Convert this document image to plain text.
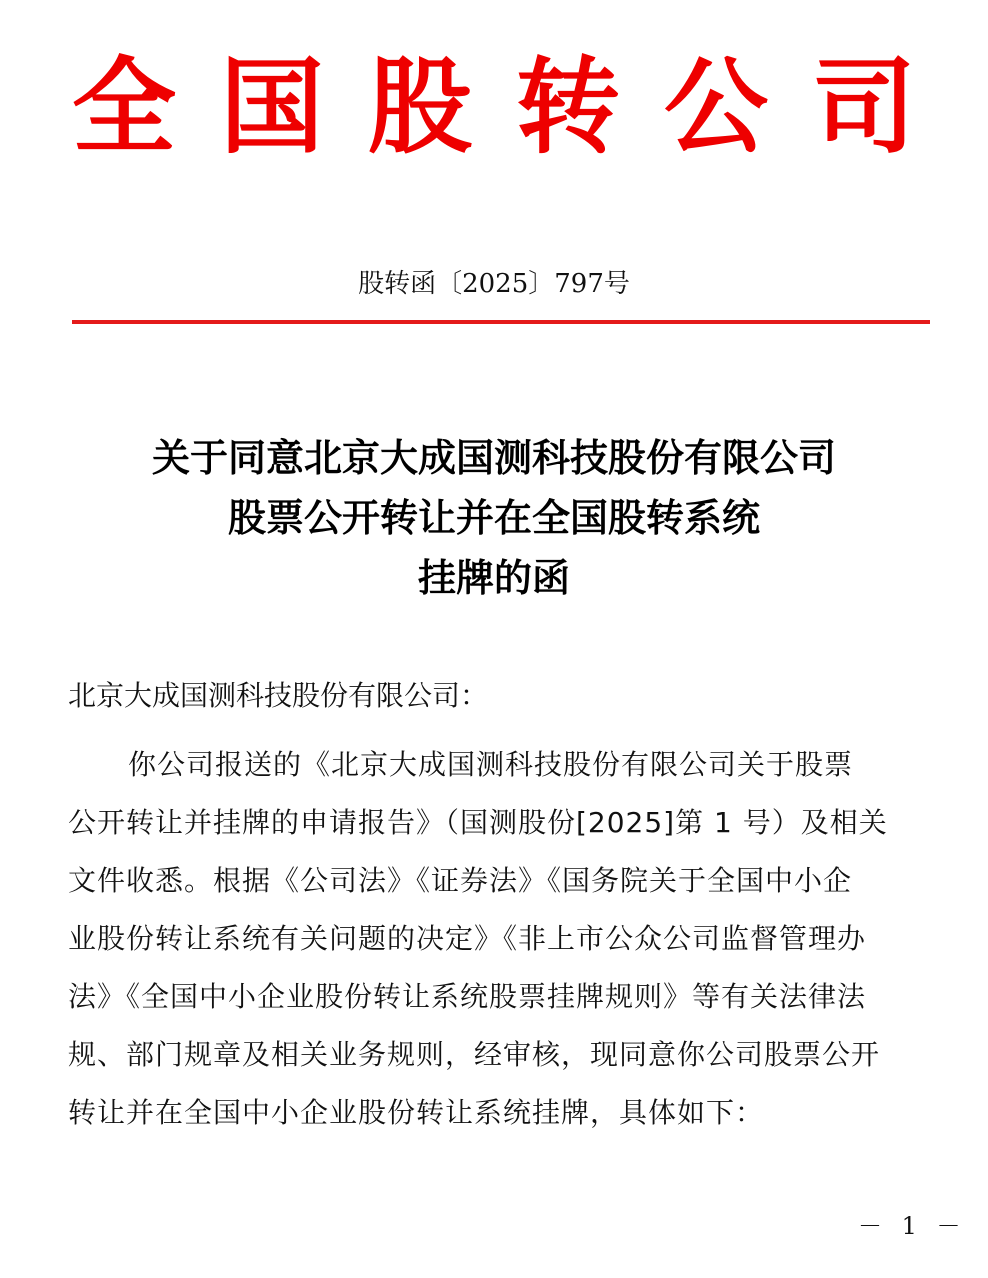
全国股转公司
股转函〔2025〕797号
关于同意北京大成国测科技股份有限公司
股票公开转让并在全国股转系统
挂牌的函
北京大成国测科技股份有限公司：
你公司报送的《北京大成国测科技股份有限公司关于股票
公开转让并挂牌的申请报告》（国测股份[2025]第 1 号）及相关
文件收悉。根据《公司法》《证券法》《国务院关于全国中小企
业股份转让系统有关问题的决定》《非上市公众公司监督管理办
法》《全国中小企业股份转让系统股票挂牌规则》等有关法律法
规、部门规章及相关业务规则，经审核，现同意你公司股票公开
转让并在全国中小企业股份转让系统挂牌，具体如下：
－ 1 －
